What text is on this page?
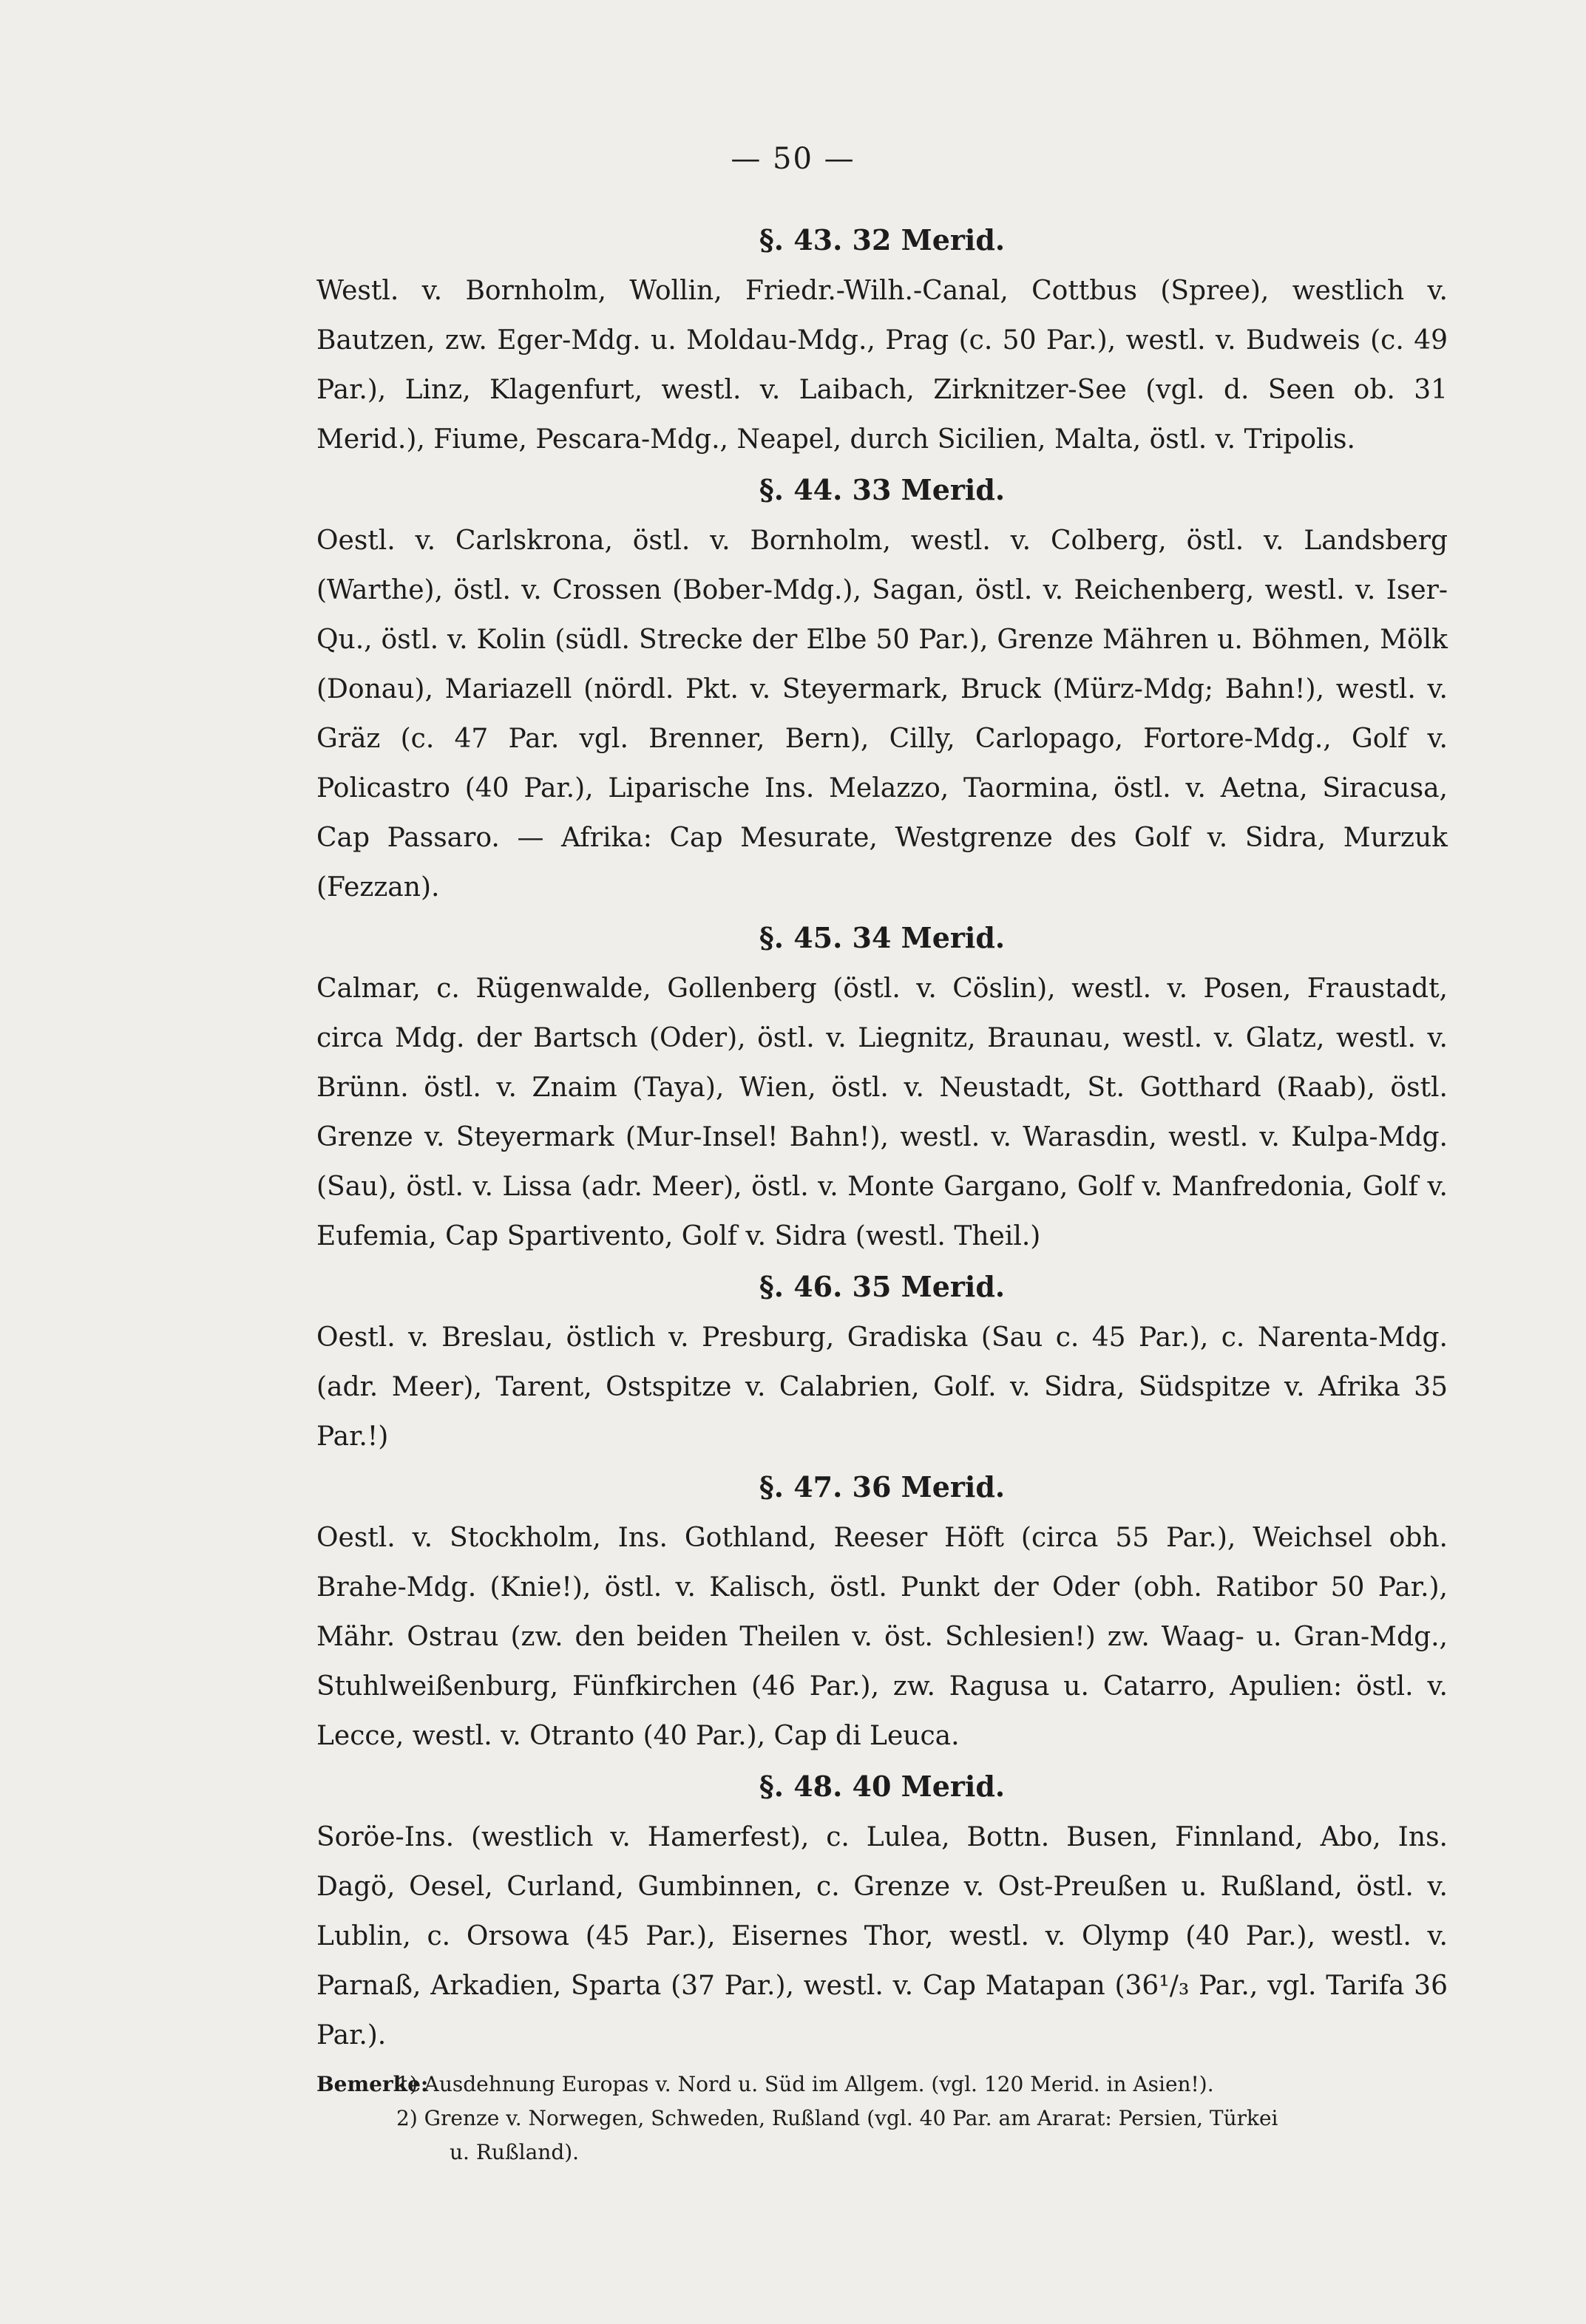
— 50 —
§. 43. 32 Merid.

Westl. v. Bornholm, Wollin, Friedr.-Wilh.-Canal, Cottbus (Spree), westlich v. Bautzen, zw. Eger-Mdg. u. Moldau-Mdg., Prag (c. 50 Par.), westl. v. Budweis (c. 49 Par.), Linz, Klagenfurt, westl. v. Laibach, Zirknitzer-See (vgl. d. Seen ob. 31 Merid.), Fiume, Pescara-Mdg., Neapel, durch Sicilien, Malta, östl. v. Tripolis.

§. 44. 33 Merid.

Oestl. v. Carlskrona, östl. v. Bornholm, westl. v. Colberg, östl. v. Landsberg (Warthe), östl. v. Crossen (Bober-Mdg.), Sagan, östl. v. Reichenberg, westl. v. Iser-Qu., östl. v. Kolin (südl. Strecke der Elbe 50 Par.), Grenze Mähren u. Böhmen, Mölk (Donau), Mariazell (nördl. Pkt. v. Steyermark, Bruck (Mürz-Mdg; Bahn!), westl. v. Gräz (c. 47 Par. vgl. Brenner, Bern), Cilly, Carlopago, Fortore-Mdg., Golf v. Policastro (40 Par.), Liparische Ins. Melazzo, Taormina, östl. v. Aetna, Siracusa, Cap Passaro. — Afrika: Cap Mesurate, Westgrenze des Golf v. Sidra, Murzuk (Fezzan).

§. 45. 34 Merid.

Calmar, c. Rügenwalde, Gollenberg (östl. v. Cöslin), westl. v. Posen, Fraustadt, circa Mdg. der Bartsch (Oder), östl. v. Liegnitz, Braunau, westl. v. Glatz, westl. v. Brünn. östl. v. Znaim (Taya), Wien, östl. v. Neustadt, St. Gotthard (Raab), östl. Grenze v. Steyermark (Mur-Insel! Bahn!), westl. v. Warasdin, westl. v. Kulpa-Mdg. (Sau), östl. v. Lissa (adr. Meer), östl. v. Monte Gargano, Golf v. Manfredonia, Golf v. Eufemia, Cap Spartivento, Golf v. Sidra (westl. Theil.)

§. 46. 35 Merid.

Oestl. v. Breslau, östlich v. Presburg, Gradiska (Sau c. 45 Par.), c. Narenta-Mdg. (adr. Meer), Tarent, Ostspitze v. Calabrien, Golf. v. Sidra, Südspitze v. Afrika 35 Par.!)

§. 47. 36 Merid.

Oestl. v. Stockholm, Ins. Gothland, Reeser Höft (circa 55 Par.), Weichsel obh. Brahe-Mdg. (Knie!), östl. v. Kalisch, östl. Punkt der Oder (obh. Ratibor 50 Par.), Mähr. Ostrau (zw. den beiden Theilen v. öst. Schlesien!) zw. Waag- u. Gran-Mdg., Stuhlweißenburg, Fünfkirchen (46 Par.), zw. Ragusa u. Catarro, Apulien: östl. v. Lecce, westl. v. Otranto (40 Par.), Cap di Leuca.

§. 48. 40 Merid.

Soröe-Ins. (westlich v. Hamerfest), c. Lulea, Bottn. Busen, Finnland, Abo, Ins. Dagö, Oesel, Curland, Gumbinnen, c. Grenze v. Ost-Preußen u. Rußland, östl. v. Lublin, c. Orsowa (45 Par.), Eisernes Thor, westl. v. Olymp (40 Par.), westl. v. Parnaß, Arkadien, Sparta (37 Par.), westl. v. Cap Matapan (36¹/₃ Par., vgl. Tarifa 36 Par.).

Bemerke:
1) Ausdehnung Europas v. Nord u. Süd im Allgem. (vgl. 120 Merid. in Asien!).
2) Grenze v. Norwegen, Schweden, Rußland (vgl. 40 Par. am Ararat: Persien, Türkei
u. Rußland).
